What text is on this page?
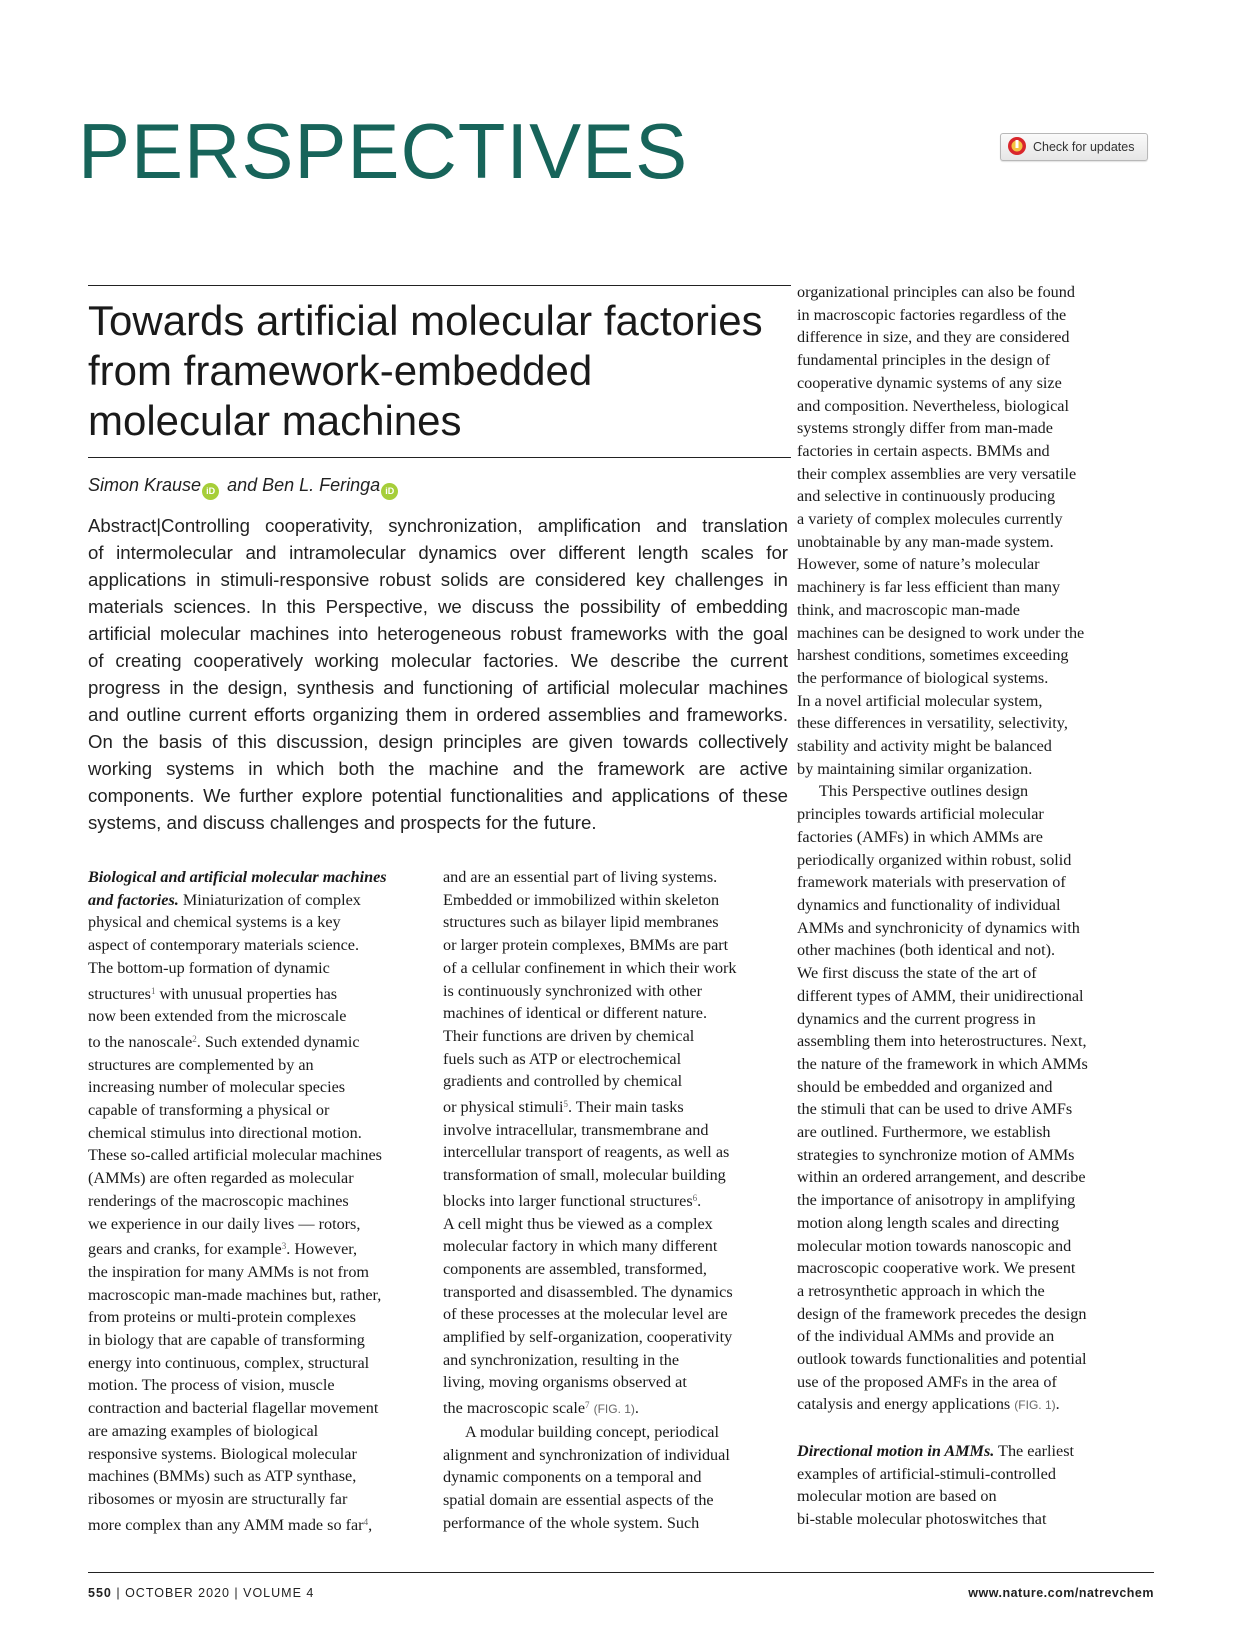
PERSPECTIVES	Check for updates
Towards artificial molecular factories
from framework-embedded
molecular machines
Simon Krause iD and Ben L. Feringa iD
Abstract|Controlling cooperativity, synchronization, amplification and translation
of intermolecular and intramolecular dynamics over different length scales for
applications in stimuli-responsive robust solids are considered key challenges in
materials sciences. In this Perspective, we discuss the possibility of embedding
artificial molecular machines into heterogeneous robust frameworks with the goal
of creating cooperatively working molecular factories. We describe the current
progress in the design, synthesis and functioning of artificial molecular machines
and outline current efforts organizing them in ordered assemblies and frameworks.
On the basis of this discussion, design principles are given towards collectively
working systems in which both the machine and the framework are active
components. We further explore potential functionalities and applications of these
systems, and discuss challenges and prospects for the future.
Biological and artificial molecular machines
and factories. Miniaturization of complex
physical and chemical systems is a key
aspect of contemporary materials science.
The bottom-up formation of dynamic
structures$^1$ with unusual properties has
now been extended from the microscale
to the nanoscale$^2$. Such extended dynamic
structures are complemented by an
increasing number of molecular species
capable of transforming a physical or
chemical stimulus into directional motion.
These so-called artificial molecular machines
(AMMs) are often regarded as molecular
renderings of the macroscopic machines
we experience in our daily lives — rotors,
gears and cranks, for example$^3$. However,
the inspiration for many AMMs is not from
macroscopic man-made machines but, rather,
from proteins or multi-protein complexes
in biology that are capable of transforming
energy into continuous, complex, structural
motion. The process of vision, muscle
contraction and bacterial flagellar movement
are amazing examples of biological
responsive systems. Biological molecular
machines (BMMs) such as ATP synthase,
ribosomes or myosin are structurally far
more complex than any AMM made so far$^4$,
and are an essential part of living systems.
Embedded or immobilized within skeleton
structures such as bilayer lipid membranes
or larger protein complexes, BMMs are part
of a cellular confinement in which their work
is continuously synchronized with other
machines of identical or different nature.
Their functions are driven by chemical
fuels such as ATP or electrochemical
gradients and controlled by chemical
or physical stimuli$^5$. Their main tasks
involve intracellular, transmembrane and
intercellular transport of reagents, as well as
transformation of small, molecular building
blocks into larger functional structures$^6$.
A cell might thus be viewed as a complex
molecular factory in which many different
components are assembled, transformed,
transported and disassembled. The dynamics
of these processes at the molecular level are
amplified by self-organization, cooperativity
and synchronization, resulting in the
living, moving organisms observed at
the macroscopic scale$^7$ (FIG. 1).
A modular building concept, periodical
alignment and synchronization of individual
dynamic components on a temporal and
spatial domain are essential aspects of the
performance of the whole system. Such
organizational principles can also be found
in macroscopic factories regardless of the
difference in size, and they are considered
fundamental principles in the design of
cooperative dynamic systems of any size
and composition. Nevertheless, biological
systems strongly differ from man-made
factories in certain aspects. BMMs and
their complex assemblies are very versatile
and selective in continuously producing
a variety of complex molecules currently
unobtainable by any man-made system.
However, some of nature’s molecular
machinery is far less efficient than many
think, and macroscopic man-made
machines can be designed to work under the
harshest conditions, sometimes exceeding
the performance of biological systems.
In a novel artificial molecular system,
these differences in versatility, selectivity,
stability and activity might be balanced
by maintaining similar organization.
This Perspective outlines design
principles towards artificial molecular
factories (AMFs) in which AMMs are
periodically organized within robust, solid
framework materials with preservation of
dynamics and functionality of individual
AMMs and synchronicity of dynamics with
other machines (both identical and not).
We first discuss the state of the art of
different types of AMM, their unidirectional
dynamics and the current progress in
assembling them into heterostructures. Next,
the nature of the framework in which AMMs
should be embedded and organized and
the stimuli that can be used to drive AMFs
are outlined. Furthermore, we establish
strategies to synchronize motion of AMMs
within an ordered arrangement, and describe
the importance of anisotropy in amplifying
motion along length scales and directing
molecular motion towards nanoscopic and
macroscopic cooperative work. We present
a retrosynthetic approach in which the
design of the framework precedes the design
of the individual AMMs and provide an
outlook towards functionalities and potential
use of the proposed AMFs in the area of
catalysis and energy applications (FIG. 1).

Directional motion in AMMs. The earliest
examples of artificial-stimuli-controlled
molecular motion are based on
bi-stable molecular photoswitches that
550 | OCTOBER 2020 | VOLUME 4	www.nature.com/natrevchem
